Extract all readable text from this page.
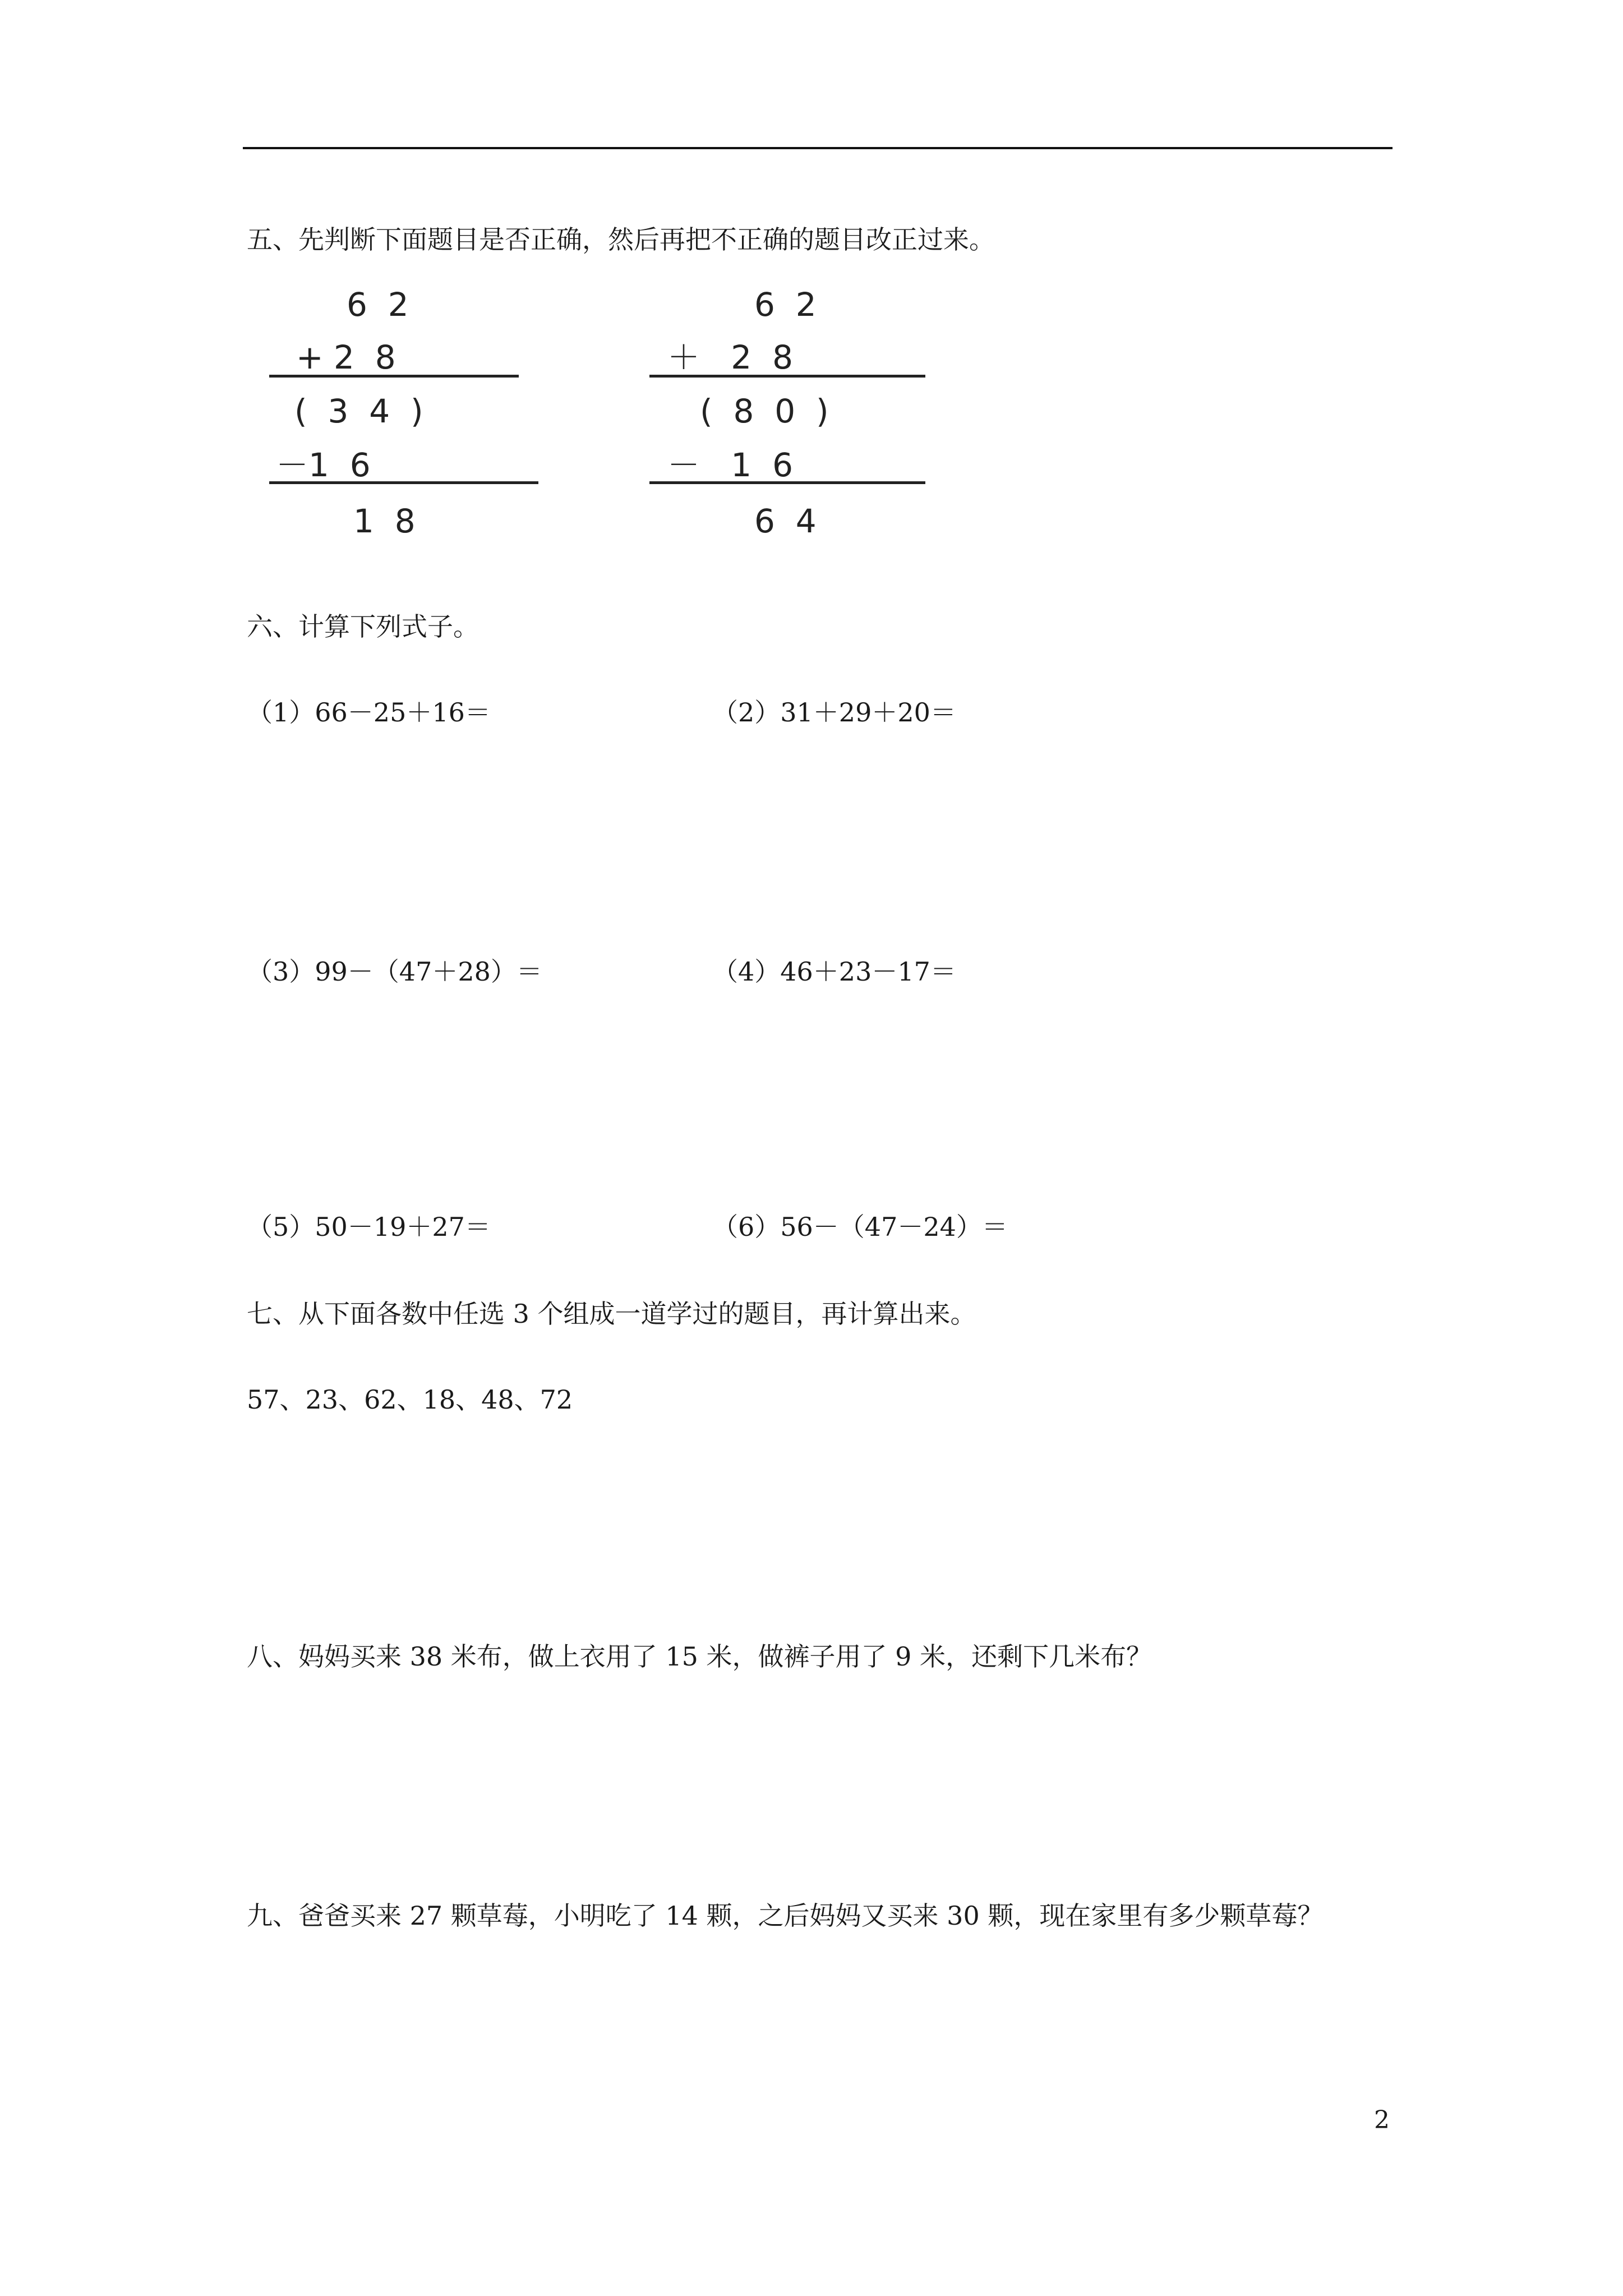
五、先判断下面题目是否正确，然后再把不正确的题目改正过来。
6  2
+ 2  8
(  3  4  )
－1  6
1  8
6  2
＋   2  8
(  8  0  )
－   1  6
6  4
六、计算下列式子。
（1）66－25＋16＝	（2）31＋29＋20＝
（3）99－（47＋28）＝	（4）46＋23－17＝
（5）50－19＋27＝	（6）56－（47－24）＝
七、从下面各数中任选 3 个组成一道学过的题目，再计算出来。
57、23、62、18、48、72
八、妈妈买来 38 米布，做上衣用了 15 米，做裤子用了 9 米，还剩下几米布？
九、爸爸买来 27 颗草莓，小明吃了 14 颗，之后妈妈又买来 30 颗，现在家里有多少颗草莓？
2
